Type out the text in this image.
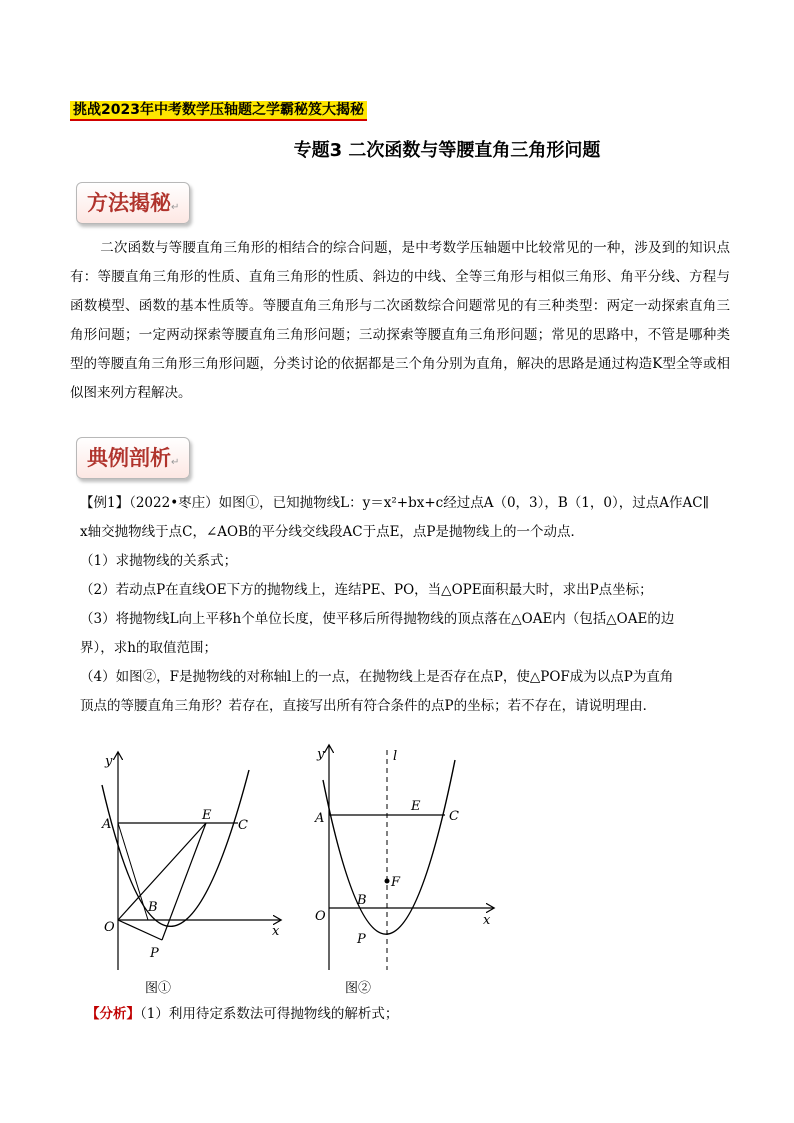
挑战2023年中考数学压轴题之学霸秘笈大揭秘
专题3 二次函数与等腰直角三角形问题
方法揭秘↵
二次函数与等腰直角三角形的相结合的综合问题，是中考数学压轴题中比较常见的一种，涉及到的知识点有：等腰直角三角形的性质、直角三角形的性质、斜边的中线、全等三角形与相似三角形、角平分线、方程与函数模型、函数的基本性质等。等腰直角三角形与二次函数综合问题常见的有三种类型：两定一动探索直角三角形问题；一定两动探索等腰直角三角形问题；三动探索等腰直角三角形问题；常见的思路中，不管是哪种类型的等腰直角三角形三角形问题，分类讨论的依据都是三个角分别为直角，解决的思路是通过构造K型全等或相似图来列方程解决。
典例剖析↵

【例1】（2022•枣庄）如图①，已知抛物线L：y＝x²+bx+c经过点A（0，3），B（1，0），过点A作AC∥

x轴交抛物线于点C，∠AOB的平分线交线段AC于点E，点P是抛物线上的一个动点．

（1）求抛物线的关系式；

（2）若动点P在直线OE下方的抛物线上，连结PE、PO，当△OPE面积最大时，求出P点坐标；

（3）将抛物线L向上平移h个单位长度，使平移后所得抛物线的顶点落在△OAE内（包括△OAE的边

界），求h的取值范围；

（4）如图②，F是抛物线的对称轴l上的一点，在抛物线上是否存在点P，使△POF成为以点P为直角

顶点的等腰直角三角形？若存在，直接写出所有符合条件的点P的坐标；若不存在，请说明理由．

y
x
A
E
C
B
O
P
图①
y
x
l
A
E
C
F
B
O
P
图②
【分析】（1）利用待定系数法可得抛物线的解析式；
